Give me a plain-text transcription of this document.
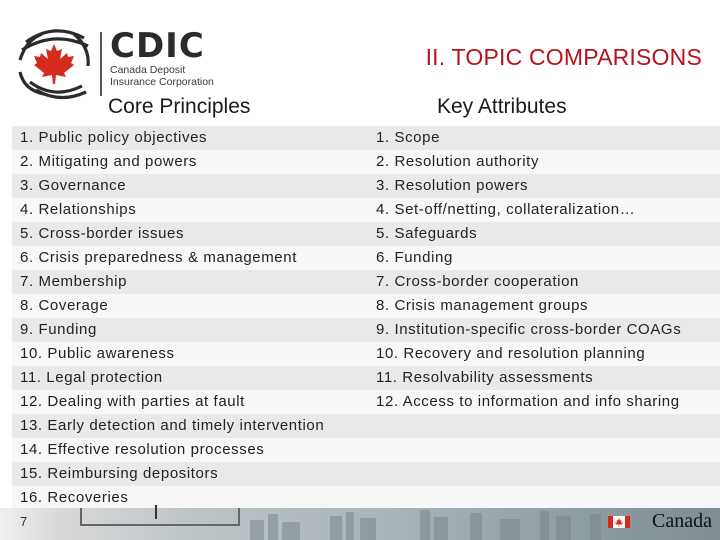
CDIC
Canada Deposit
Insurance Corporation
II. TOPIC COMPARISONS
Core Principles	Key Attributes
1. Public policy objectives	1. Scope
2. Mitigating and powers	2. Resolution authority
3. Governance	3. Resolution powers
4. Relationships	4. Set-off/netting, collateralization…
5. Cross-border issues	5. Safeguards
6. Crisis preparedness & management	6. Funding
7. Membership	7. Cross-border cooperation
8. Coverage	8. Crisis management groups
9. Funding	9. Institution-specific cross-border COAGs
10. Public awareness	10. Recovery and resolution planning
11. Legal protection	11. Resolvability assessments
12. Dealing with parties at fault	12. Access to information and info sharing
13. Early detection and timely intervention
14. Effective resolution processes
15. Reimbursing depositors
16. Recoveries
7	Canada
